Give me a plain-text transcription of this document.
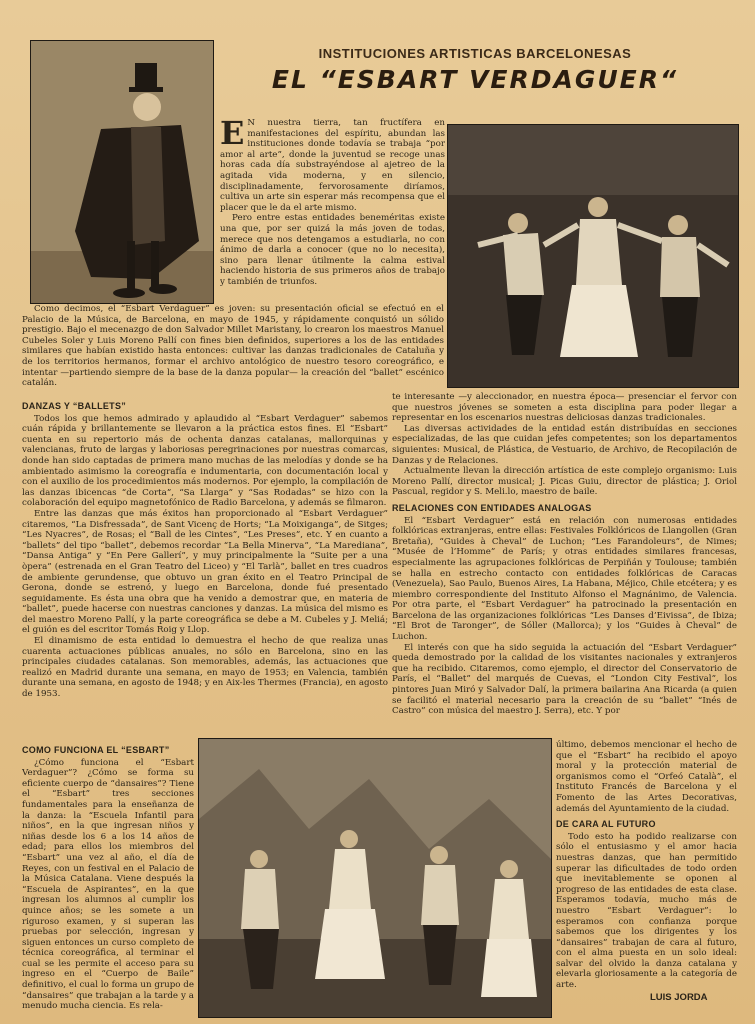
INSTITUCIONES ARTISTICAS BARCELONESAS
EL “ESBART VERDAGUER“

E N nuestra tierra, tan fructífera en manifestaciones del espíritu, abundan las instituciones donde todavía se trabaja “por amor al arte”, donde la juventud se recoge unas horas cada día substrayéndose al ajetreo de la agitada vida moderna, y en silencio, disciplinadamente, fervorosamente diríamos, cultiva un arte sin esperar más recompensa que el placer que le da el arte mismo.

Pero entre estas entidades beneméritas existe una que, por ser quizá la más joven de todas, merece que nos detengamos a estudiarla, no con ánimo de darla a conocer (que no lo necesita), sino para llenar útilmente la calma estival haciendo historia de sus primeros años de trabajo y también de triunfos.

Como decimos, el “Esbart Verdaguer” es joven: su presentación oficial se efectuó en el Palacio de la Música, de Barcelona, en mayo de 1945, y rápidamente conquistó un sólido prestigio. Bajo el mecenazgo de don Salvador Millet Maristany, lo crearon los maestros Manuel Cubeles Soler y Luis Moreno Pallí con fines bien definidos, superiores a los de las entidades similares que habían existido hasta entonces: cultivar las danzas tradicionales de Cataluña y de los territorios hermanos, formar el archivo antológico de nuestro tesoro coreográfico, e intentar —partiendo siempre de la base de la danza popular— la creación del “ballet” escénico catalán.

DANZAS Y “BALLETS”

Todos los que hemos admirado y aplaudido al “Esbart Verdaguer” sabemos cuán rápida y brillantemente se llevaron a la práctica estos fines. El “Esbart” cuenta en su repertorio más de ochenta danzas catalanas, mallorquinas y valencianas, fruto de largas y laboriosas peregrinaciones por nuestras comarcas, donde han sido captadas de primera mano muchas de las melodías y donde se ha ambientado asimismo la coreografía e indumentaria, con documentación local y con el auxilio de los procedimientos más modernos. Por ejemplo, la compilación de las danzas ibicencas “de Corta”, “Sa Llarga” y “Sas Rodadas” se hizo con la colaboración del equipo magnetofónico de Radio Barcelona, y además se filmaron.

Entre las danzas que más éxitos han proporcionado al “Esbart Verdaguer” citaremos, “La Disfressada”, de Sant Vicenç de Horts; “La Moixiganga”, de Sitges; “Les Nyacres”, de Rosas; el “Ball de les Cintes”, “Les Preses”, etc. Y en cuanto a “ballets” del tipo “ballet”, debemos recordar “La Bella Minerva”, “La Marediana”, “Dansa Antiga” y “En Pere Gallerí”, y muy principalmente la “Suite per a una òpera” (estrenada en el Gran Teatro del Liceo) y “El Tarlà”, ballet en tres cuadros de ambiente gerundense, que obtuvo un gran éxito en el Teatro Principal de Gerona, donde se estrenó, y luego en Barcelona, donde fué presentado seguidamente. Es ésta una obra que ha venido a demostrar que, en materia de “ballet”, puede hacerse con nuestras canciones y danzas. La música del mismo es del maestro Moreno Pallí, y la parte coreográfica se debe a M. Cubeles y J. Meliá; el guión es del escritor Tomás Roig y Llop.

El dinamismo de esta entidad lo demuestra el hecho de que realiza unas cuarenta actuaciones públicas anuales, no sólo en Barcelona, sino en las principales ciudades catalanas. Son memorables, además, las actuaciones que realizó en Madrid durante una semana, en mayo de 1953; en Valencia, también durante una semana, en agosto de 1948; y en Aix-les Thermes (Francia), en agosto de 1953.

te interesante —y aleccionador, en nuestra época— presenciar el fervor con que nuestros jóvenes se someten a esta disciplina para poder llegar a representar en los escenarios nuestras deliciosas danzas tradicionales.

Las diversas actividades de la entidad están distribuídas en secciones especializadas, de las que cuidan jefes competentes; son los departamentos siguientes: Musical, de Plástica, de Vestuario, de Archivo, de Recopilación de Danzas y de Relaciones.

Actualmente llevan la dirección artística de este complejo organismo: Luis Moreno Pallí, director musical; J. Picas Guiu, director de plástica; J. Oriol Pascual, regidor y S. Meli.lo, maestro de baile.

RELACIONES CON ENTIDADES ANALOGAS

El “Esbart Verdaguer” está en relación con numerosas entidades folklóricas extranjeras, entre ellas: Festivales Folklóricos de Llangollen (Gran Bretaña), “Guides à Cheval” de Luchon; “Les Farandoleurs”, de Nimes; “Musée de l’Homme” de París; y otras entidades similares francesas, especialmente las agrupaciones folklóricas de Perpiñán y Toulouse; también se halla en estrecho contacto con entidades folklóricas de Caracas (Venezuela), Sao Paulo, Buenos Aires, La Habana, Méjico, Chile etcétera; y es miembro correspondiente del Instituto Alfonso el Magnánimo, de Valencia. Por otra parte, el “Esbart Verdaguer” ha patrocinado la presentación en Barcelona de las organizaciones folklóricas “Les Danses d’Eivissa”, de Ibiza; “El Brot de Taronger”, de Sóller (Mallorca); y los “Guides à Cheval” de Luchon.

El interés con que ha sido seguida la actuación del “Esbart Verdaguer” queda demostrado por la calidad de los visitantes nacionales y extranjeros que ha recibido. Citaremos, como ejemplo, el director del Conservatorio de París, el “Ballet” del marqués de Cuevas, el “London City Festival”, los pintores Juan Miró y Salvador Dalí, la primera bailarina Ana Ricarda (a quien se facilitó el material necesario para la creación de su “ballet” “Inés de Castro” con música del maestro J. Serra), etc. Y por

COMO FUNCIONA EL “ESBART”

¿Cómo funciona el “Esbart Verdaguer”? ¿Cómo se forma su eficiente cuerpo de “dansaires”? Tiene el “Esbart” tres secciones fundamentales para la enseñanza de la danza: la “Escuela Infantil para niños”, en la que ingresan niños y niñas desde los 6 a los 14 años de edad; para ellos los miembros del “Esbart” una vez al año, el día de Reyes, con un festival en el Palacio de la Música Catalana. Viene después la “Escuela de Aspirantes”, en la que ingresan los alumnos al cumplir los quince años; se les somete a un riguroso examen, y si superan las pruebas por selección, ingresan y siguen entonces un curso completo de técnica coreográfica, al terminar el cual se les permite el acceso para su ingreso en el “Cuerpo de Baile” definitivo, el cual lo forma un grupo de “dansaires” que trabajan a la tarde y a menudo mucha ciencia. Es rela-

último, debemos mencionar el hecho de que el “Esbart” ha recibido el apoyo moral y la protección material de organismos como el “Orfeó Català”, el Instituto Francés de Barcelona y el Fomento de las Artes Decorativas, además del Ayuntamiento de la ciudad.

DE CARA AL FUTURO

Todo esto ha podido realizarse con sólo el entusiasmo y el amor hacia nuestras danzas, que han permitido superar las dificultades de todo orden que inevitablemente se oponen al progreso de las entidades de esta clase. Esperamos todavía, mucho más de nuestro “Esbart Verdaguer”: lo esperamos con confianza porque sabemos que los dirigentes y los “dansaires” trabajan de cara al futuro, con el alma puesta en un solo ideal: salvar del olvido la danza catalana y elevarla gloriosamente a la categoría de arte.

LUIS JORDA
